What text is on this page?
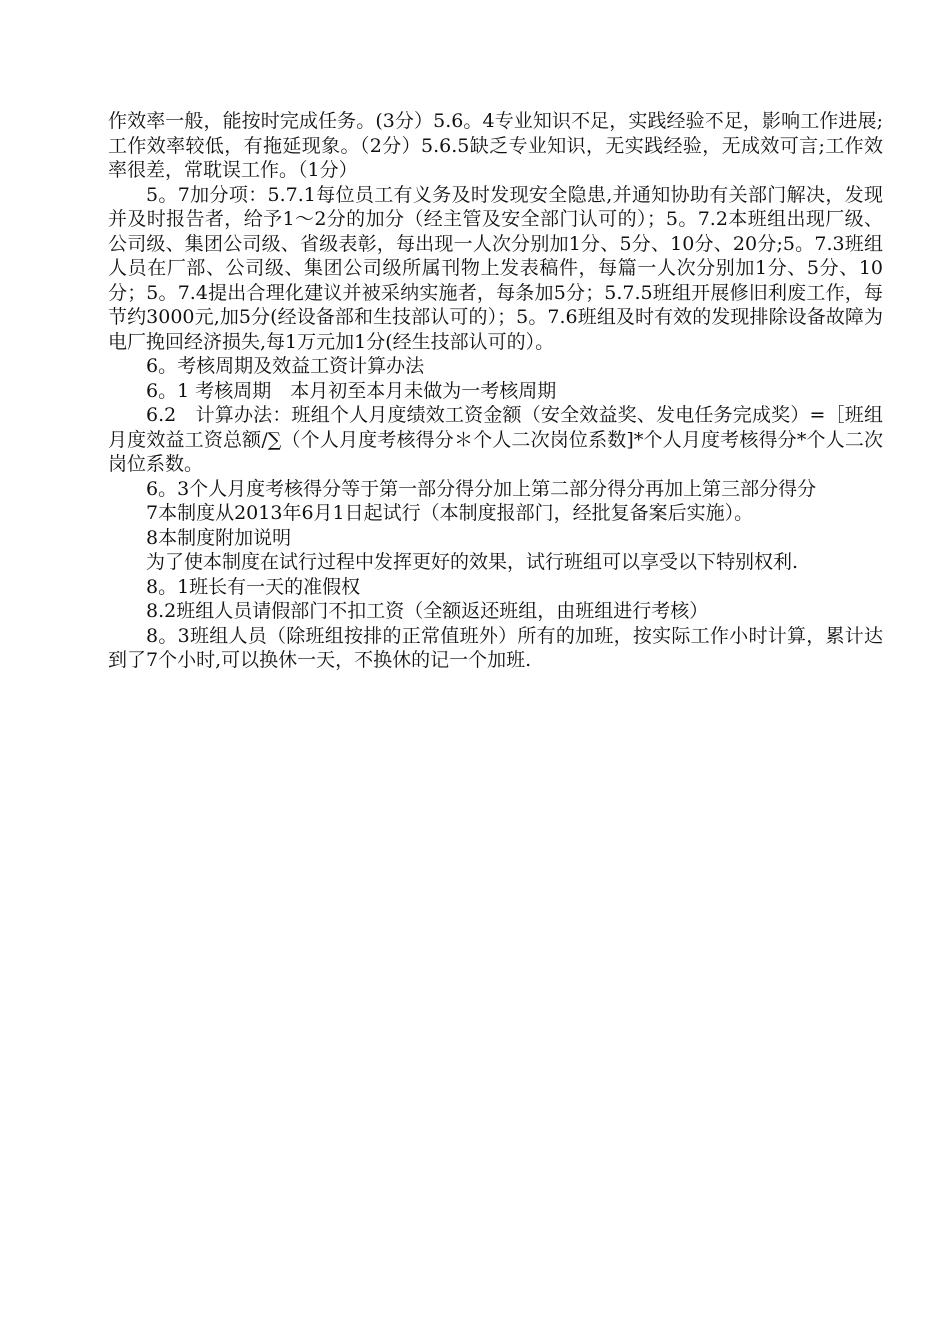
作效率一般，能按时完成任务。(3分）5.6。4专业知识不足，实践经验不足，影响工作进展;工作效率较低，有拖延现象。（2分）5.6.5缺乏专业知识，无实践经验，无成效可言;工作效率很差，常耽误工作。（1分）

5。7加分项：5.7.1每位员工有义务及时发现安全隐患,并通知协助有关部门解决，发现并及时报告者，给予1～2分的加分（经主管及安全部门认可的）；5。7.2本班组出现厂级、公司级、集团公司级、省级表彰，每出现一人次分别加1分、5分、10分、20分;5。7.3班组人员在厂部、公司级、集团公司级所属刊物上发表稿件，每篇一人次分别加1分、5分、10分；5。7.4提出合理化建议并被采纳实施者，每条加5分；5.7.5班组开展修旧利废工作，每节约3000元,加5分(经设备部和生技部认可的）；5。7.6班组及时有效的发现排除设备故障为电厂挽回经济损失,每1万元加1分(经生技部认可的）。

6。考核周期及效益工资计算办法

6。1 考核周期　本月初至本月未做为一考核周期

6.2　计算办法：班组个人月度绩效工资金额（安全效益奖、发电任务完成奖）=［班组月度效益工资总额/∑（个人月度考核得分＊个人二次岗位系数]*个人月度考核得分*个人二次岗位系数。

6。3个人月度考核得分等于第一部分得分加上第二部分得分再加上第三部分得分

7本制度从2013年6月1日起试行（本制度报部门，经批复备案后实施）。

8本制度附加说明

为了使本制度在试行过程中发挥更好的效果，试行班组可以享受以下特别权利.

8。1班长有一天的准假权

8.2班组人员请假部门不扣工资（全额返还班组，由班组进行考核）

8。3班组人员（除班组按排的正常值班外）所有的加班，按实际工作小时计算，累计达到了7个小时,可以换休一天，不换休的记一个加班.
